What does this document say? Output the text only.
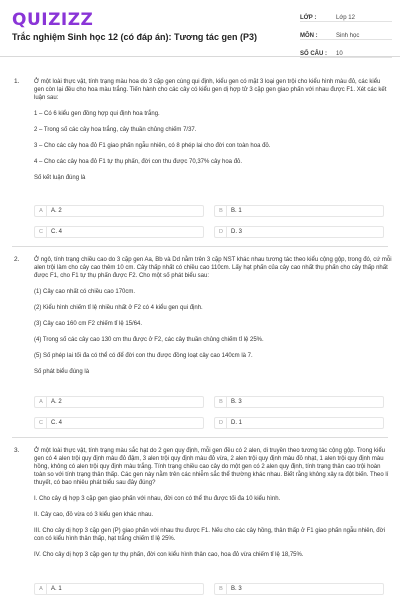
QUIZIZZ
Trắc nghiệm Sinh học 12 (có đáp án): Tương tác gen (P3)
LỚP :	Lớp 12
MÔN :	Sinh học
SỐ CÂU :	10
1. Ở một loài thực vật, tính trạng màu hoa do 3 cặp gen cùng qui định, kiểu gen có mặt 3 loại gen trội cho kiểu hình màu đỏ, các kiểu gen còn lại đều cho hoa màu trắng. Tiến hành cho các cây có kiểu gen dị hợp tử 3 cặp gen giao phấn với nhau được F1. Xét các kết luận sau:

1 – Có 6 kiểu gen đồng hợp qui định hoa trắng.

2 – Trong số các cây hoa trắng, cây thuần chủng chiếm 7/37.

3 – Cho các cây hoa đỏ F1 giao phấn ngẫu nhiên, có 8 phép lai cho đời con toàn hoa đỏ.

4 – Cho các cây hoa đỏ F1 tự thụ phấn, đời con thu được 70,37% cây hoa đỏ.

Số kết luận đúng là

A	A. 2	B	B. 1
C	C. 4	D	D. 3
2. Ở ngô, tính trạng chiều cao do 3 cặp gen Aa, Bb và Dd nằm trên 3 cặp NST khác nhau tương tác theo kiểu cộng gộp, trong đó, cứ mỗi alen trội làm cho cây cao thêm 10 cm. Cây thấp nhất có chiều cao 110cm. Lấy hạt phấn của cây cao nhất thụ phấn cho cây thấp nhất được F1, cho F1 tự thụ phấn được F2. Cho một số phát biểu sau:

(1) Cây cao nhất có chiều cao 170cm.

(2) Kiểu hình chiếm tỉ lệ nhiều nhất ở F2 có 4 kiểu gen qui định.

(3) Cây cao 160 cm F2 chiếm tỉ lệ 15/64.

(4) Trong số các cây cao 130 cm thu được ở F2, các cây thuần chủng chiếm tỉ lệ 25%.

(5) Số phép lai tối đa có thể có để đời con thu được đồng loạt cây cao 140cm là 7.

Số phát biểu đúng là

A	A. 2	B	B. 3
C	C. 4	D	D. 1
3. Ở một loài thực vật, tính trạng màu sắc hạt do 2 gen quy định, mỗi gen đều có 2 alen, di truyền theo tương tác cộng gộp. Trong kiểu gen có 4 alen trội quy định màu đỏ đậm, 3 alen trội quy định màu đỏ vừa, 2 alen trội quy định màu đỏ nhạt, 1 alen trội quy định màu hồng, không có alen trội quy định màu trắng. Tính trạng chiều cao cây do một gen có 2 alen quy định, tính trạng thân cao trội hoàn toàn so với tính trạng thân thấp. Các gen này nằm trên các nhiễm sắc thể thường khác nhau. Biết rằng không xảy ra đột biến. Theo lí thuyết, có bao nhiêu phát biểu sau đây đúng?

I. Cho cây dị hợp 3 cặp gen giao phấn với nhau, đời con có thể thu được tối đa 10 kiểu hình.

II. Cây cao, đỏ vừa có 3 kiểu gen khác nhau.

III. Cho cây dị hợp 3 cặp gen (P) giao phấn với nhau thu được F1. Nếu cho các cây hồng, thân thấp ở F1 giao phấn ngẫu nhiên, đời con có kiểu hình thân thấp, hạt trắng chiếm tỉ lệ 25%.

IV. Cho cây dị hợp 3 cặp gen tự thụ phấn, đời con kiểu hình thân cao, hoa đỏ vừa chiếm tỉ lệ 18,75%.

A	A. 1	B	B. 3
